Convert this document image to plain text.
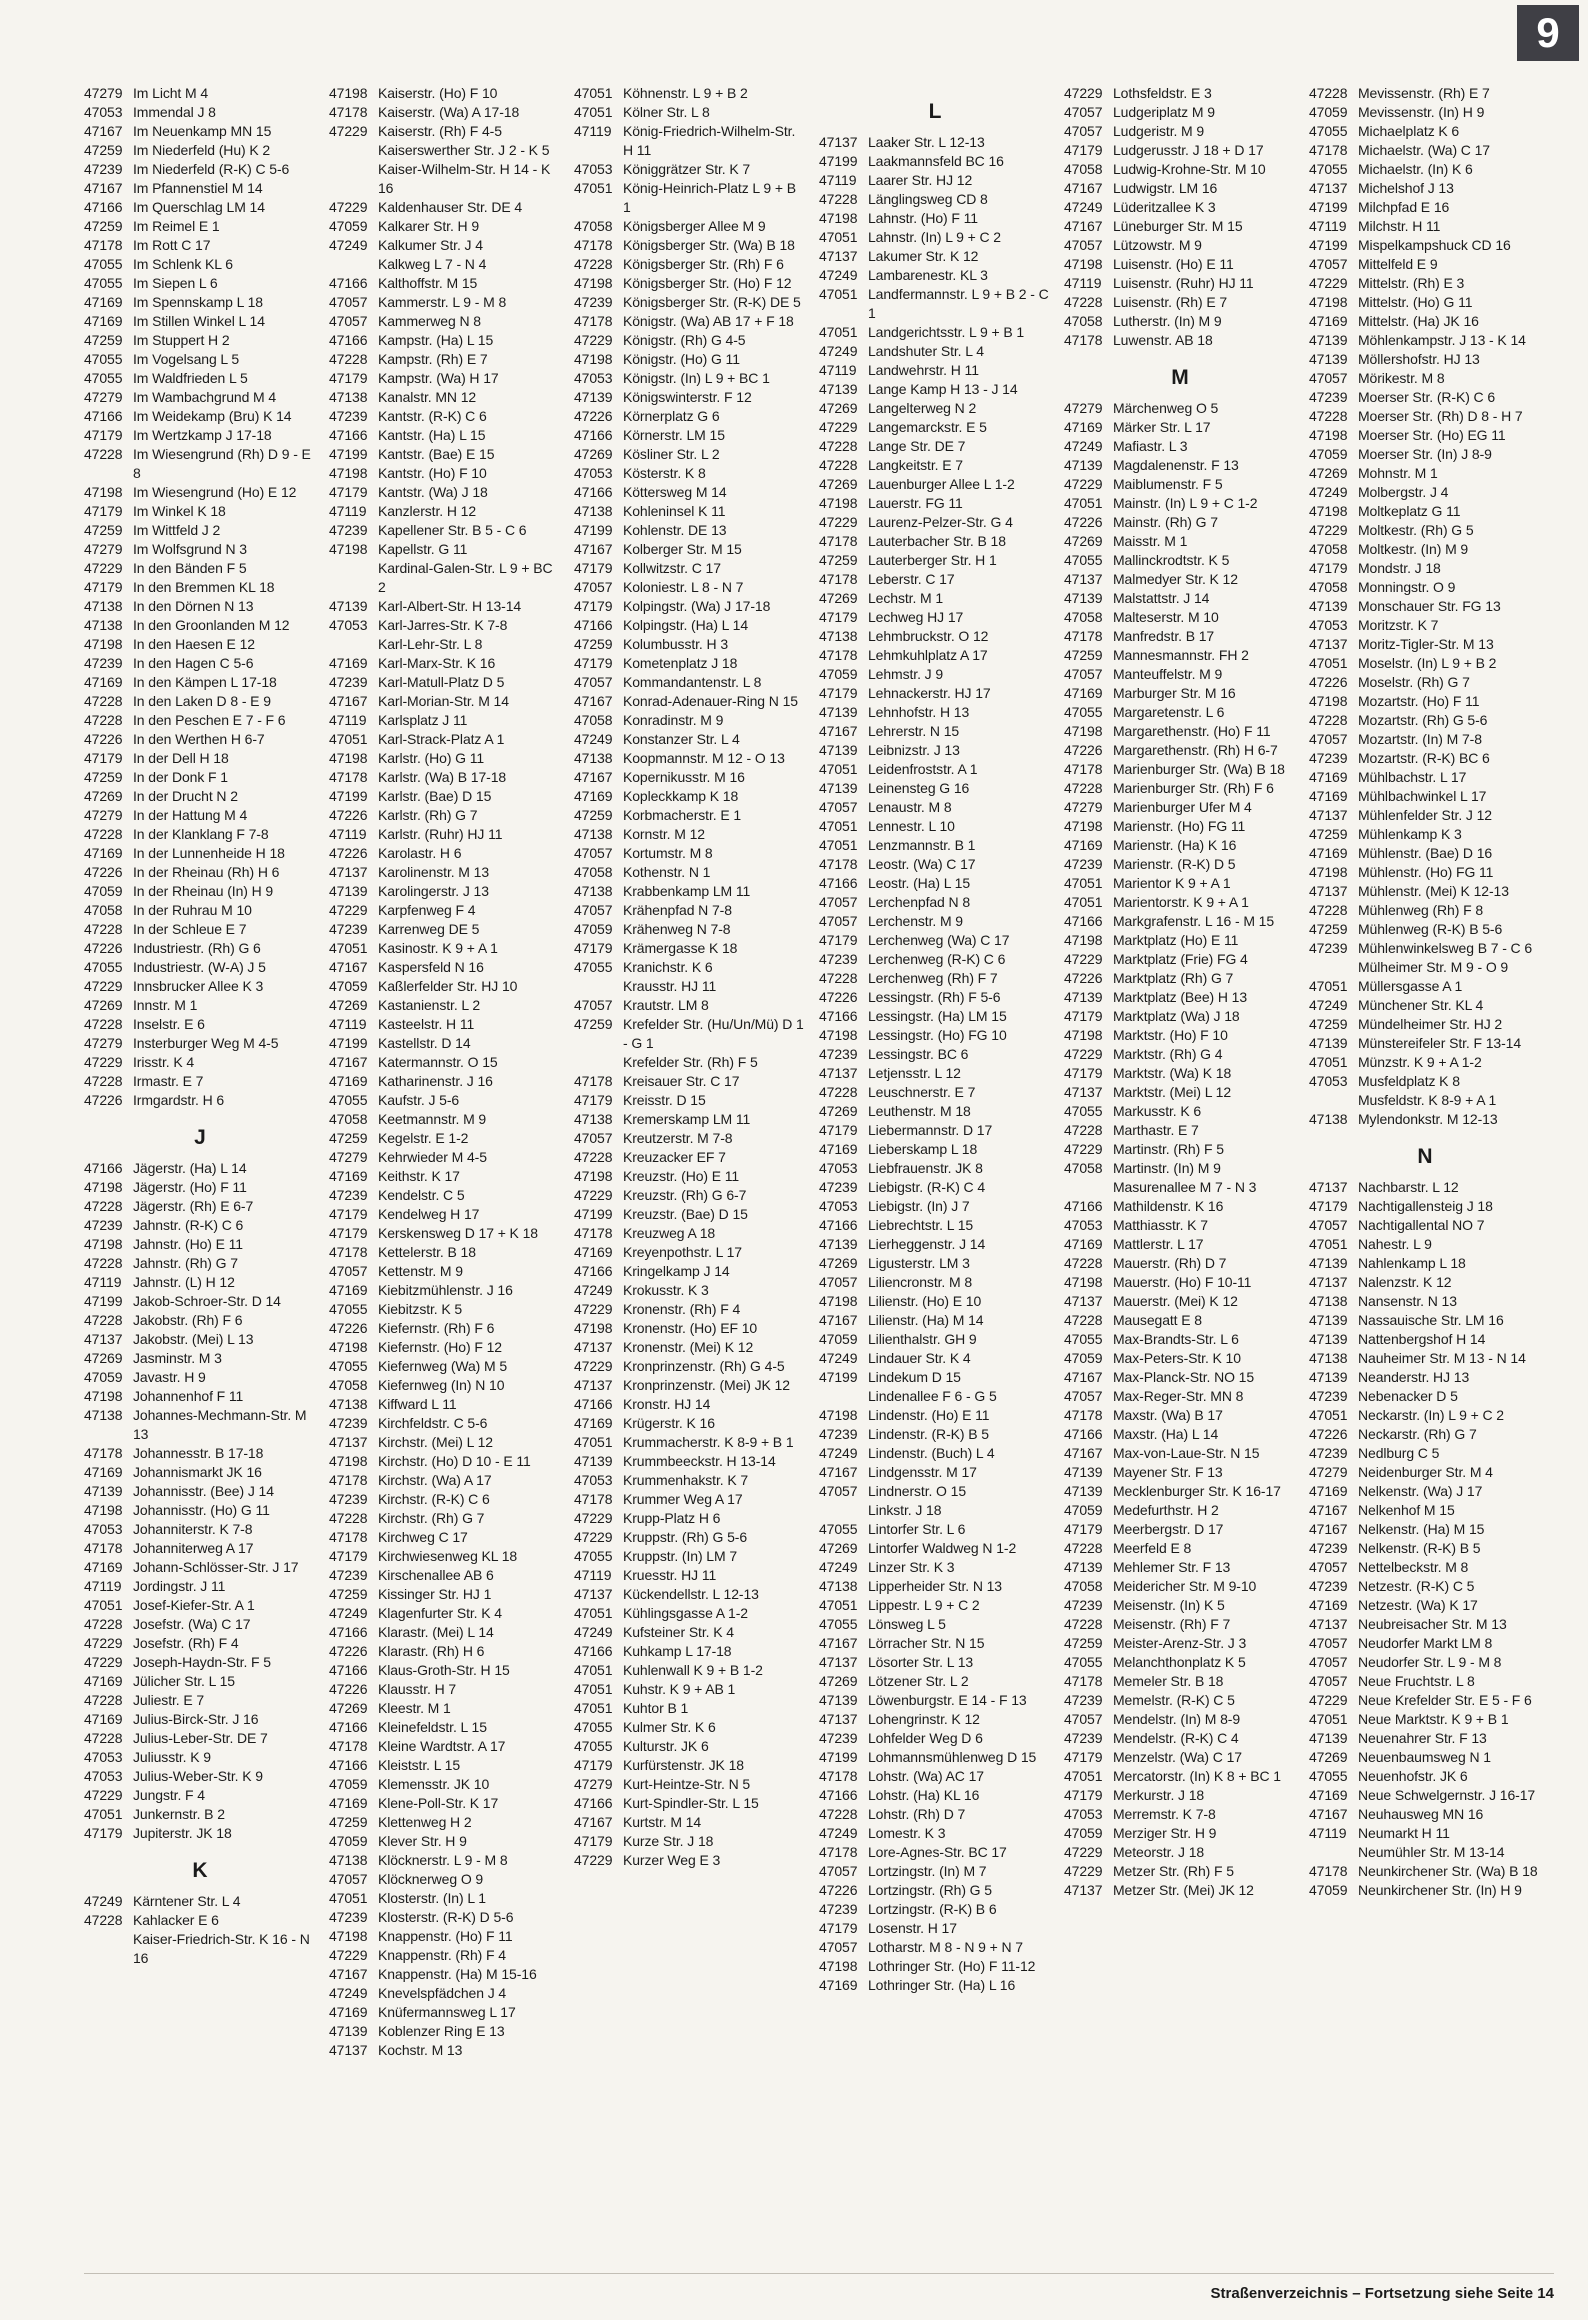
9
47279 Im Licht M 4
47053 Immendal J 8
47167 Im Neuenkamp MN 15
47259 Im Niederfeld (Hu) K 2
47239 Im Niederfeld (R-K) C 5-6
47167 Im Pfannenstiel M 14
47166 Im Querschlag LM 14
47259 Im Reimel E 1
47178 Im Rott C 17
47055 Im Schlenk KL 6
47055 Im Siepen L 6
47169 Im Spennskamp L 18
47169 Im Stillen Winkel L 14
47259 Im Stuppert H 2
47055 Im Vogelsang L 5
47055 Im Waldfrieden L 5
47279 Im Wambachgrund M 4
47166 Im Weidekamp (Bru) K 14
47179 Im Wertzkamp J 17-18
47228 Im Wiesengrund (Rh) D 9 - E 8
47198 Im Wiesengrund (Ho) E 12
47179 Im Winkel K 18
47259 Im Wittfeld J 2
47279 Im Wolfsgrund N 3
47229 In den Bänden F 5
47179 In den Bremmen KL 18
47138 In den Dörnen N 13
47138 In den Groonlanden M 12
47198 In den Haesen E 12
47239 In den Hagen C 5-6
47169 In den Kämpen L 17-18
47228 In den Laken D 8 - E 9
47228 In den Peschen E 7 - F 6
47226 In den Werthen H 6-7
47179 In der Dell H 18
47259 In der Donk F 1
47269 In der Drucht N 2
47279 In der Hattung M 4
47228 In der Klanklang F 7-8
47169 In der Lunnenheide H 18
47226 In der Rheinau (Rh) H 6
47059 In der Rheinau (In) H 9
47058 In der Ruhrau M 10
47228 In der Schleue E 7
47226 Industriestr. (Rh) G 6
47055 Industriestr. (W-A) J 5
47229 Innsbrucker Allee K 3
47269 Innstr. M 1
47228 Inselstr. E 6
47279 Insterburger Weg M 4-5
47229 Irisstr. K 4
47228 Irmastr. E 7
47226 Irmgardstr. H 6
J
47166 Jägerstr. (Ha) L 14
47198 Jägerstr. (Ho) F 11
47228 Jägerstr. (Rh) E 6-7
47239 Jahnstr. (R-K) C 6
47198 Jahnstr. (Ho) E 11
47228 Jahnstr. (Rh) G 7
47119 Jahnstr. (L) H 12
47199 Jakob-Schroer-Str. D 14
47228 Jakobstr. (Rh) F 6
47137 Jakobstr. (Mei) L 13
47269 Jasminstr. M 3
47059 Javastr. H 9
47198 Johannenhof F 11
47138 Johannes-Mechmann-Str. M 13
47178 Johannesstr. B 17-18
47169 Johannismarkt JK 16
47139 Johannisstr. (Bee) J 14
47198 Johannisstr. (Ho) G 11
47053 Johanniterstr. K 7-8
47178 Johanniterweg A 17
47169 Johann-Schlösser-Str. J 17
47119 Jordingstr. J 11
47051 Josef-Kiefer-Str. A 1
47228 Josefstr. (Wa) C 17
47229 Josefstr. (Rh) F 4
47229 Joseph-Haydn-Str. F 5
47169 Jülicher Str. L 15
47228 Juliestr. E 7
47169 Julius-Birck-Str. J 16
47228 Julius-Leber-Str. DE 7
47053 Juliusstr. K 9
47053 Julius-Weber-Str. K 9
47229 Jungstr. F 4
47051 Junkernstr. B 2
47179 Jupiterstr. JK 18
K
47249 Kärntener Str. L 4
47228 Kahlacker E 6
Kaiser-Friedrich-Str. K 16 - N 16
47198 Kaiserstr. (Ho) F 10
47178 Kaiserstr. (Wa) A 17-18
47229 Kaiserstr. (Rh) F 4-5
Kaiserswerther Str. J 2 - K 5
Kaiser-Wilhelm-Str. H 14 - K 16
47229 Kaldenhauser Str. DE 4
47059 Kalkarer Str. H 9
47249 Kalkumer Str. J 4
Kalkweg L 7 - N 4
47166 Kalthoffstr. M 15
47057 Kammerstr. L 9 - M 8
47057 Kammerweg N 8
47166 Kampstr. (Ha) L 15
47228 Kampstr. (Rh) E 7
47179 Kampstr. (Wa) H 17
47138 Kanalstr. MN 12
47239 Kantstr. (R-K) C 6
47166 Kantstr. (Ha) L 15
47199 Kantstr. (Bae) E 15
47198 Kantstr. (Ho) F 10
47179 Kantstr. (Wa) J 18
47119 Kanzlerstr. H 12
47239 Kapellener Str. B 5 - C 6
47198 Kapellstr. G 11
Kardinal-Galen-Str. L 9 + BC 2
47139 Karl-Albert-Str. H 13-14
47053 Karl-Jarres-Str. K 7-8
Karl-Lehr-Str. L 8
47169 Karl-Marx-Str. K 16
47239 Karl-Matull-Platz D 5
47167 Karl-Morian-Str. M 14
47119 Karlsplatz J 11
47051 Karl-Strack-Platz A 1
47198 Karlstr. (Ho) G 11
47178 Karlstr. (Wa) B 17-18
47199 Karlstr. (Bae) D 15
47226 Karlstr. (Rh) G 7
47119 Karlstr. (Ruhr) HJ 11
47226 Karolastr. H 6
47137 Karolinenstr. M 13
47139 Karolingerstr. J 13
47229 Karpfenweg F 4
47239 Karrenweg DE 5
47051 Kasinostr. K 9 + A 1
47167 Kaspersfeld N 16
47059 Kaßlerfelder Str. HJ 10
47269 Kastanienstr. L 2
47119 Kasteelstr. H 11
47199 Kastellstr. D 14
47167 Katermannstr. O 15
47169 Katharinenstr. J 16
47055 Kaufstr. J 5-6
47058 Keetmannstr. M 9
47259 Kegelstr. E 1-2
47279 Kehrwieder M 4-5
47169 Keithstr. K 17
47239 Kendelstr. C 5
47179 Kendelweg H 17
47179 Kerskensweg D 17 + K 18
47178 Kettelerstr. B 18
47057 Kettenstr. M 9
47169 Kiebitzmühlenstr. J 16
47055 Kiebitzstr. K 5
47226 Kiefernstr. (Rh) F 6
47198 Kiefernstr. (Ho) F 12
47055 Kiefernweg (Wa) M 5
47058 Kiefernweg (In) N 10
47138 Kiffward L 11
47239 Kirchfeldstr. C 5-6
47137 Kirchstr. (Mei) L 12
47198 Kirchstr. (Ho) D 10 - E 11
47178 Kirchstr. (Wa) A 17
47239 Kirchstr. (R-K) C 6
47228 Kirchstr. (Rh) G 7
47178 Kirchweg C 17
47179 Kirchwiesenweg KL 18
47239 Kirschenallee AB 6
47259 Kissinger Str. HJ 1
47249 Klagenfurter Str. K 4
47166 Klarastr. (Mei) L 14
47226 Klarastr. (Rh) H 6
47166 Klaus-Groth-Str. H 15
47226 Klausstr. H 7
47269 Kleestr. M 1
47166 Kleinefeldstr. L 15
47178 Kleine Wardtstr. A 17
47166 Kleiststr. L 15
47059 Klemensstr. JK 10
47169 Klene-Poll-Str. K 17
47259 Klettenweg H 2
47059 Klever Str. H 9
47138 Klöcknerstr. L 9 - M 8
47057 Klöcknerweg O 9
47051 Klosterstr. (In) L 1
47239 Klosterstr. (R-K) D 5-6
47198 Knappenstr. (Ho) F 11
47229 Knappenstr. (Rh) F 4
47167 Knappenstr. (Ha) M 15-16
47249 Knevelspfädchen J 4
47169 Knüfermannsweg L 17
47139 Koblenzer Ring E 13
47137 Kochstr. M 13
47051 Köhnenstr. L 9 + B 2
47051 Kölner Str. L 8
47119 König-Friedrich-Wilhelm-Str. H 11
47053 Königgrätzer Str. K 7
47051 König-Heinrich-Platz L 9 + B 1
47058 Königsberger Allee M 9
47178 Königsberger Str. (Wa) B 18
47228 Königsberger Str. (Rh) F 6
47198 Königsberger Str. (Ho) F 12
47239 Königsberger Str. (R-K) DE 5
47178 Königstr. (Wa) AB 17 + F 18
47229 Königstr. (Rh) G 4-5
47198 Königstr. (Ho) G 11
47053 Königstr. (In) L 9 + BC 1
47139 Königswinterstr. F 12
47226 Körnerplatz G 6
47166 Körnerstr. LM 15
47269 Kösliner Str. L 2
47053 Kösterstr. K 8
47166 Köttersweg M 14
47138 Kohleninsel K 11
47199 Kohlenstr. DE 13
47167 Kolberger Str. M 15
47179 Kollwitzstr. C 17
47057 Koloniestr. L 8 - N 7
47179 Kolpingstr. (Wa) J 17-18
47166 Kolpingstr. (Ha) L 14
47259 Kolumbusstr. H 3
47179 Kometenplatz J 18
47057 Kommandantenstr. L 8
47167 Konrad-Adenauer-Ring N 15
47058 Konradinstr. M 9
47249 Konstanzer Str. L 4
47138 Koopmannstr. M 12 - O 13
47167 Kopernikusstr. M 16
47169 Kopleckkamp K 18
47259 Korbmacherstr. E 1
47138 Kornstr. M 12
47057 Kortumstr. M 8
47058 Kothenstr. N 1
47138 Krabbenkamp LM 11
47057 Krähenpfad N 7-8
47059 Krähenweg N 7-8
47179 Krämergasse K 18
47055 Kranichstr. K 6
Krausstr. HJ 11
47057 Krautstr. LM 8
47259 Krefelder Str. (Hu/Un/Mü) D 1 - G 1
Krefelder Str. (Rh) F 5
47178 Kreisauer Str. C 17
47179 Kreisstr. D 15
47138 Kremerskamp LM 11
47057 Kreutzerstr. M 7-8
47228 Kreuzacker EF 7
47198 Kreuzstr. (Ho) E 11
47229 Kreuzstr. (Rh) G 6-7
47199 Kreuzstr. (Bae) D 15
47178 Kreuzweg A 18
47169 Kreyenpothstr. L 17
47166 Kringelkamp J 14
47249 Krokusstr. K 3
47229 Kronenstr. (Rh) F 4
47198 Kronenstr. (Ho) EF 10
47137 Kronenstr. (Mei) K 12
47229 Kronprinzenstr. (Rh) G 4-5
47137 Kronprinzenstr. (Mei) JK 12
47166 Kronstr. HJ 14
47169 Krügerstr. K 16
47051 Krummacherstr. K 8-9 + B 1
47139 Krummbeeckstr. H 13-14
47053 Krummenhakstr. K 7
47178 Krummer Weg A 17
47229 Krupp-Platz H 6
47229 Kruppstr. (Rh) G 5-6
47055 Kruppstr. (In) LM 7
47119 Kruesstr. HJ 11
47137 Kückendellstr. L 12-13
47051 Kühlingsgasse A 1-2
47249 Kufsteiner Str. K 4
47166 Kuhkamp L 17-18
47051 Kuhlenwall K 9 + B 1-2
47051 Kuhstr. K 9 + AB 1
47051 Kuhtor B 1
47055 Kulmer Str. K 6
47055 Kulturstr. JK 6
47179 Kurfürstenstr. JK 18
47279 Kurt-Heintze-Str. N 5
47166 Kurt-Spindler-Str. L 15
47167 Kurtstr. M 14
47179 Kurze Str. J 18
47229 Kurzer Weg E 3
L
47137 Laaker Str. L 12-13
47199 Laakmannsfeld BC 16
47119 Laarer Str. HJ 12
47228 Länglingsweg CD 8
47198 Lahnstr. (Ho) F 11
47051 Lahnstr. (In) L 9 + C 2
47137 Lakumer Str. K 12
47249 Lambarenestr. KL 3
47051 Landfermannstr. L 9 + B 2 - C 1
47051 Landgerichtsstr. L 9 + B 1
47249 Landshuter Str. L 4
47119 Landwehrstr. H 11
47139 Lange Kamp H 13 - J 14
47269 Langelterweg N 2
47229 Langemarckstr. E 5
47228 Lange Str. DE 7
47228 Langkeitstr. E 7
47269 Lauenburger Allee L 1-2
47198 Lauerstr. FG 11
47229 Laurenz-Pelzer-Str. G 4
47178 Lauterbacher Str. B 18
47259 Lauterberger Str. H 1
47178 Leberstr. C 17
47269 Lechstr. M 1
47179 Lechweg HJ 17
47138 Lehmbruckstr. O 12
47178 Lehmkuhlplatz A 17
47059 Lehmstr. J 9
47179 Lehnackerstr. HJ 17
47139 Lehnhofstr. H 13
47167 Lehrerstr. N 15
47139 Leibnizstr. J 13
47051 Leidenfroststr. A 1
47139 Leinensteg G 16
47057 Lenaustr. M 8
47051 Lennestr. L 10
47051 Lenzmannstr. B 1
47178 Leostr. (Wa) C 17
47166 Leostr. (Ha) L 15
47057 Lerchenpfad N 8
47057 Lerchenstr. M 9
47179 Lerchenweg (Wa) C 17
47239 Lerchenweg (R-K) C 6
47228 Lerchenweg (Rh) F 7
47226 Lessingstr. (Rh) F 5-6
47166 Lessingstr. (Ha) LM 15
47198 Lessingstr. (Ho) FG 10
47239 Lessingstr. BC 6
47137 Letjensstr. L 12
47228 Leuschnerstr. E 7
47269 Leuthenstr. M 18
47179 Liebermannstr. D 17
47169 Lieberskamp L 18
47053 Liebfrauenstr. JK 8
47239 Liebigstr. (R-K) C 4
47053 Liebigstr. (In) J 7
47166 Liebrechtstr. L 15
47139 Lierheggenstr. J 14
47269 Ligusterstr. LM 3
47057 Liliencronstr. M 8
47198 Lilienstr. (Ho) E 10
47167 Lilienstr. (Ha) M 14
47059 Lilienthalstr. GH 9
47249 Lindauer Str. K 4
47199 Lindekum D 15
Lindenallee F 6 - G 5
47198 Lindenstr. (Ho) E 11
47239 Lindenstr. (R-K) B 5
47249 Lindenstr. (Buch) L 4
47167 Lindgensstr. M 17
47057 Lindnerstr. O 15
Linkstr. J 18
47055 Lintorfer Str. L 6
47269 Lintorfer Waldweg N 1-2
47249 Linzer Str. K 3
47138 Lipperheider Str. N 13
47051 Lippestr. L 9 + C 2
47055 Lönsweg L 5
47167 Lörracher Str. N 15
47137 Lösorter Str. L 13
47269 Lötzener Str. L 2
47139 Löwenburgstr. E 14 - F 13
47137 Lohengrinstr. K 12
47239 Lohfelder Weg D 6
47199 Lohmannsmühlenweg D 15
47178 Lohstr. (Wa) AC 17
47166 Lohstr. (Ha) KL 16
47228 Lohstr. (Rh) D 7
47249 Lomestr. K 3
47178 Lore-Agnes-Str. BC 17
47057 Lortzingstr. (In) M 7
47226 Lortzingstr. (Rh) G 5
47239 Lortzingstr. (R-K) B 6
47179 Losenstr. H 17
47057 Lotharstr. M 8 - N 9 + N 7
47198 Lothringer Str. (Ho) F 11-12
47169 Lothringer Str. (Ha) L 16
47229 Lothsfeldstr. E 3
47057 Ludgeriplatz M 9
47057 Ludgeristr. M 9
47179 Ludgerusstr. J 18 + D 17
47058 Ludwig-Krohne-Str. M 10
47167 Ludwigstr. LM 16
47249 Lüderitzallee K 3
47167 Lüneburger Str. M 15
47057 Lützowstr. M 9
47198 Luisenstr. (Ho) E 11
47119 Luisenstr. (Ruhr) HJ 11
47228 Luisenstr. (Rh) E 7
47058 Lutherstr. (In) M 9
47178 Luwenstr. AB 18
M
47279 Märchenweg O 5
47169 Märker Str. L 17
47249 Mafiastr. L 3
47139 Magdalenenstr. F 13
47229 Maiblumenstr. F 5
47051 Mainstr. (In) L 9 + C 1-2
47226 Mainstr. (Rh) G 7
47269 Maisstr. M 1
47055 Mallinckrodtstr. K 5
47137 Malmedyer Str. K 12
47139 Malstattstr. J 14
47058 Malteserstr. M 10
47178 Manfredstr. B 17
47259 Mannesmannstr. FH 2
47057 Manteuffelstr. M 9
47169 Marburger Str. M 16
47055 Margaretenstr. L 6
47198 Margarethenstr. (Ho) F 11
47226 Margarethenstr. (Rh) H 6-7
47178 Marienburger Str. (Wa) B 18
47228 Marienburger Str. (Rh) F 6
47279 Marienburger Ufer M 4
47198 Marienstr. (Ho) FG 11
47169 Marienstr. (Ha) K 16
47239 Marienstr. (R-K) D 5
47051 Marientor K 9 + A 1
47051 Marientorstr. K 9 + A 1
47166 Markgrafenstr. L 16 - M 15
47198 Marktplatz (Ho) E 11
47229 Marktplatz (Frie) FG 4
47226 Marktplatz (Rh) G 7
47139 Marktplatz (Bee) H 13
47179 Marktplatz (Wa) J 18
47198 Marktstr. (Ho) F 10
47229 Marktstr. (Rh) G 4
47179 Marktstr. (Wa) K 18
47137 Marktstr. (Mei) L 12
47055 Markusstr. K 6
47228 Marthastr. E 7
47229 Martinstr. (Rh) F 5
47058 Martinstr. (In) M 9
Masurenallee M 7 - N 3
47166 Mathildenstr. K 16
47053 Matthiasstr. K 7
47169 Mattlerstr. L 17
47228 Mauerstr. (Rh) D 7
47198 Mauerstr. (Ho) F 10-11
47137 Mauerstr. (Mei) K 12
47228 Mausegatt E 8
47055 Max-Brandts-Str. L 6
47059 Max-Peters-Str. K 10
47167 Max-Planck-Str. NO 15
47057 Max-Reger-Str. MN 8
47178 Maxstr. (Wa) B 17
47166 Maxstr. (Ha) L 14
47167 Max-von-Laue-Str. N 15
47139 Mayener Str. F 13
47139 Mecklenburger Str. K 16-17
47059 Medefurthstr. H 2
47179 Meerbergstr. D 17
47228 Meerfeld E 8
47139 Mehlemer Str. F 13
47058 Meidericher Str. M 9-10
47239 Meisenstr. (In) K 5
47228 Meisenstr. (Rh) F 7
47259 Meister-Arenz-Str. J 3
47055 Melanchthonplatz K 5
47178 Memeler Str. B 18
47239 Memelstr. (R-K) C 5
47057 Mendelstr. (In) M 8-9
47239 Mendelstr. (R-K) C 4
47179 Menzelstr. (Wa) C 17
47051 Mercatorstr. (In) K 8 + BC 1
47179 Merkurstr. J 18
47053 Merremstr. K 7-8
47059 Merziger Str. H 9
47229 Meteorstr. J 18
47229 Metzer Str. (Rh) F 5
47137 Metzer Str. (Mei) JK 12
47228 Mevissenstr. (Rh) E 7
47059 Mevissenstr. (In) H 9
47055 Michaelplatz K 6
47178 Michaelstr. (Wa) C 17
47055 Michaelstr. (In) K 6
47137 Michelshof J 13
47199 Milchpfad E 16
47119 Milchstr. H 11
47199 Mispelkampshuck CD 16
47057 Mittelfeld E 9
47229 Mittelstr. (Rh) E 3
47198 Mittelstr. (Ho) G 11
47169 Mittelstr. (Ha) JK 16
47139 Möhlenkampstr. J 13 - K 14
47139 Möllershofstr. HJ 13
47057 Mörikestr. M 8
47239 Moerser Str. (R-K) C 6
47228 Moerser Str. (Rh) D 8 - H 7
47198 Moerser Str. (Ho) EG 11
47059 Moerser Str. (In) J 8-9
47269 Mohnstr. M 1
47249 Molbergstr. J 4
47198 Moltkeplatz G 11
47229 Moltkestr. (Rh) G 5
47058 Moltkestr. (In) M 9
47179 Mondstr. J 18
47058 Monningstr. O 9
47139 Monschauer Str. FG 13
47053 Moritzstr. K 7
47137 Moritz-Tigler-Str. M 13
47051 Moselstr. (In) L 9 + B 2
47226 Moselstr. (Rh) G 7
47198 Mozartstr. (Ho) F 11
47228 Mozartstr. (Rh) G 5-6
47057 Mozartstr. (In) M 7-8
47239 Mozartstr. (R-K) BC 6
47169 Mühlbachstr. L 17
47169 Mühlbachwinkel L 17
47137 Mühlenfelder Str. J 12
47259 Mühlenkamp K 3
47169 Mühlenstr. (Bae) D 16
47198 Mühlenstr. (Ho) FG 11
47137 Mühlenstr. (Mei) K 12-13
47228 Mühlenweg (Rh) F 8
47259 Mühlenweg (R-K) B 5-6
47239 Mühlenwinkelsweg B 7 - C 6
Mülheimer Str. M 9 - O 9
47051 Müllersgasse A 1
47249 Münchener Str. KL 4
47259 Mündelheimer Str. HJ 2
47139 Münstereifeler Str. F 13-14
47051 Münzstr. K 9 + A 1-2
47053 Musfeldplatz K 8
Musfeldstr. K 8-9 + A 1
47138 Mylendonkstr. M 12-13
N
47137 Nachbarstr. L 12
47179 Nachtigallensteig J 18
47057 Nachtigallental NO 7
47051 Nahestr. L 9
47139 Nahlenkamp L 18
47137 Nalenzstr. K 12
47138 Nansenstr. N 13
47139 Nassauische Str. LM 16
47139 Nattenbergshof H 14
47138 Nauheimer Str. M 13 - N 14
47139 Neanderstr. HJ 13
47239 Nebenacker D 5
47051 Neckarstr. (In) L 9 + C 2
47226 Neckarstr. (Rh) G 7
47239 Nedlburg C 5
47279 Neidenburger Str. M 4
47169 Nelkenstr. (Wa) J 17
47167 Nelkenhof M 15
47167 Nelkenstr. (Ha) M 15
47239 Nelkenstr. (R-K) B 5
47057 Nettelbeckstr. M 8
47239 Netzestr. (R-K) C 5
47169 Netzestr. (Wa) K 17
47137 Neubreisacher Str. M 13
47057 Neudorfer Markt LM 8
47057 Neudorfer Str. L 9 - M 8
47057 Neue Fruchtstr. L 8
47229 Neue Krefelder Str. E 5 - F 6
47051 Neue Marktstr. K 9 + B 1
47139 Neuenahrer Str. F 13
47269 Neuenbaumsweg N 1
47055 Neuenhofstr. JK 6
47169 Neue Schwelgernstr. J 16-17
47167 Neuhausweg MN 16
47119 Neumarkt H 11
Neumühler Str. M 13-14
47178 Neunkirchener Str. (Wa) B 18
47059 Neunkirchener Str. (In) H 9
Straßenverzeichnis – Fortsetzung siehe Seite 14
